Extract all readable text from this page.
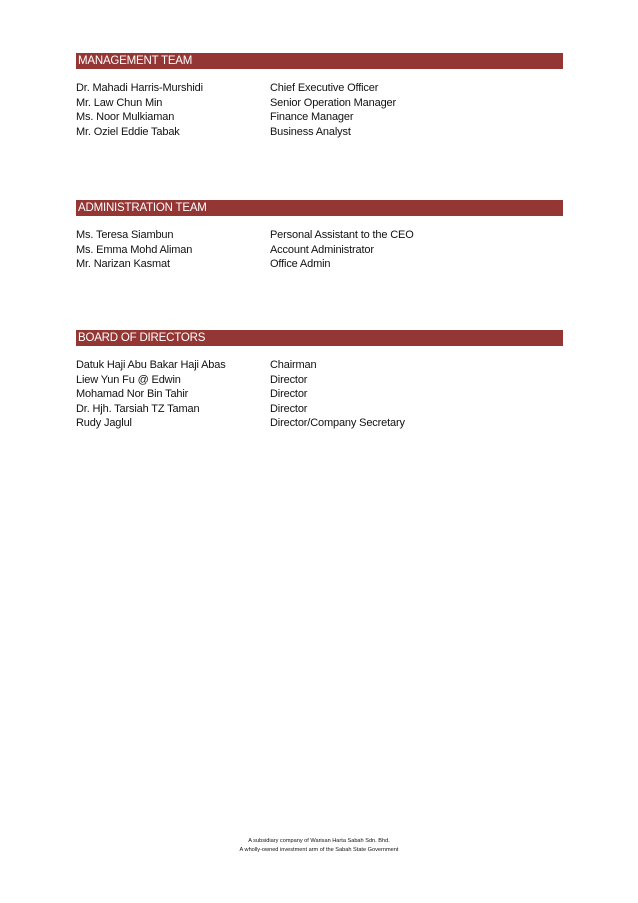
MANAGEMENT TEAM
Dr. Mahadi Harris-Murshidi	Chief Executive Officer
Mr. Law Chun Min	Senior Operation Manager
Ms. Noor Mulkiaman	Finance Manager
Mr. Oziel Eddie Tabak	Business Analyst
ADMINISTRATION TEAM
Ms. Teresa Siambun	Personal Assistant to the CEO
Ms. Emma Mohd Aliman	Account Administrator
Mr. Narizan Kasmat	Office Admin
BOARD OF DIRECTORS
Datuk Haji Abu Bakar Haji Abas	Chairman
Liew Yun Fu @ Edwin	Director
Mohamad Nor Bin Tahir	Director
Dr. Hjh. Tarsiah TZ Taman	Director
Rudy Jaglul	Director/Company Secretary
A subsidiary company of Warisan Harta Sabah Sdn. Bhd.
A wholly-owned investment arm of the Sabah State Government
